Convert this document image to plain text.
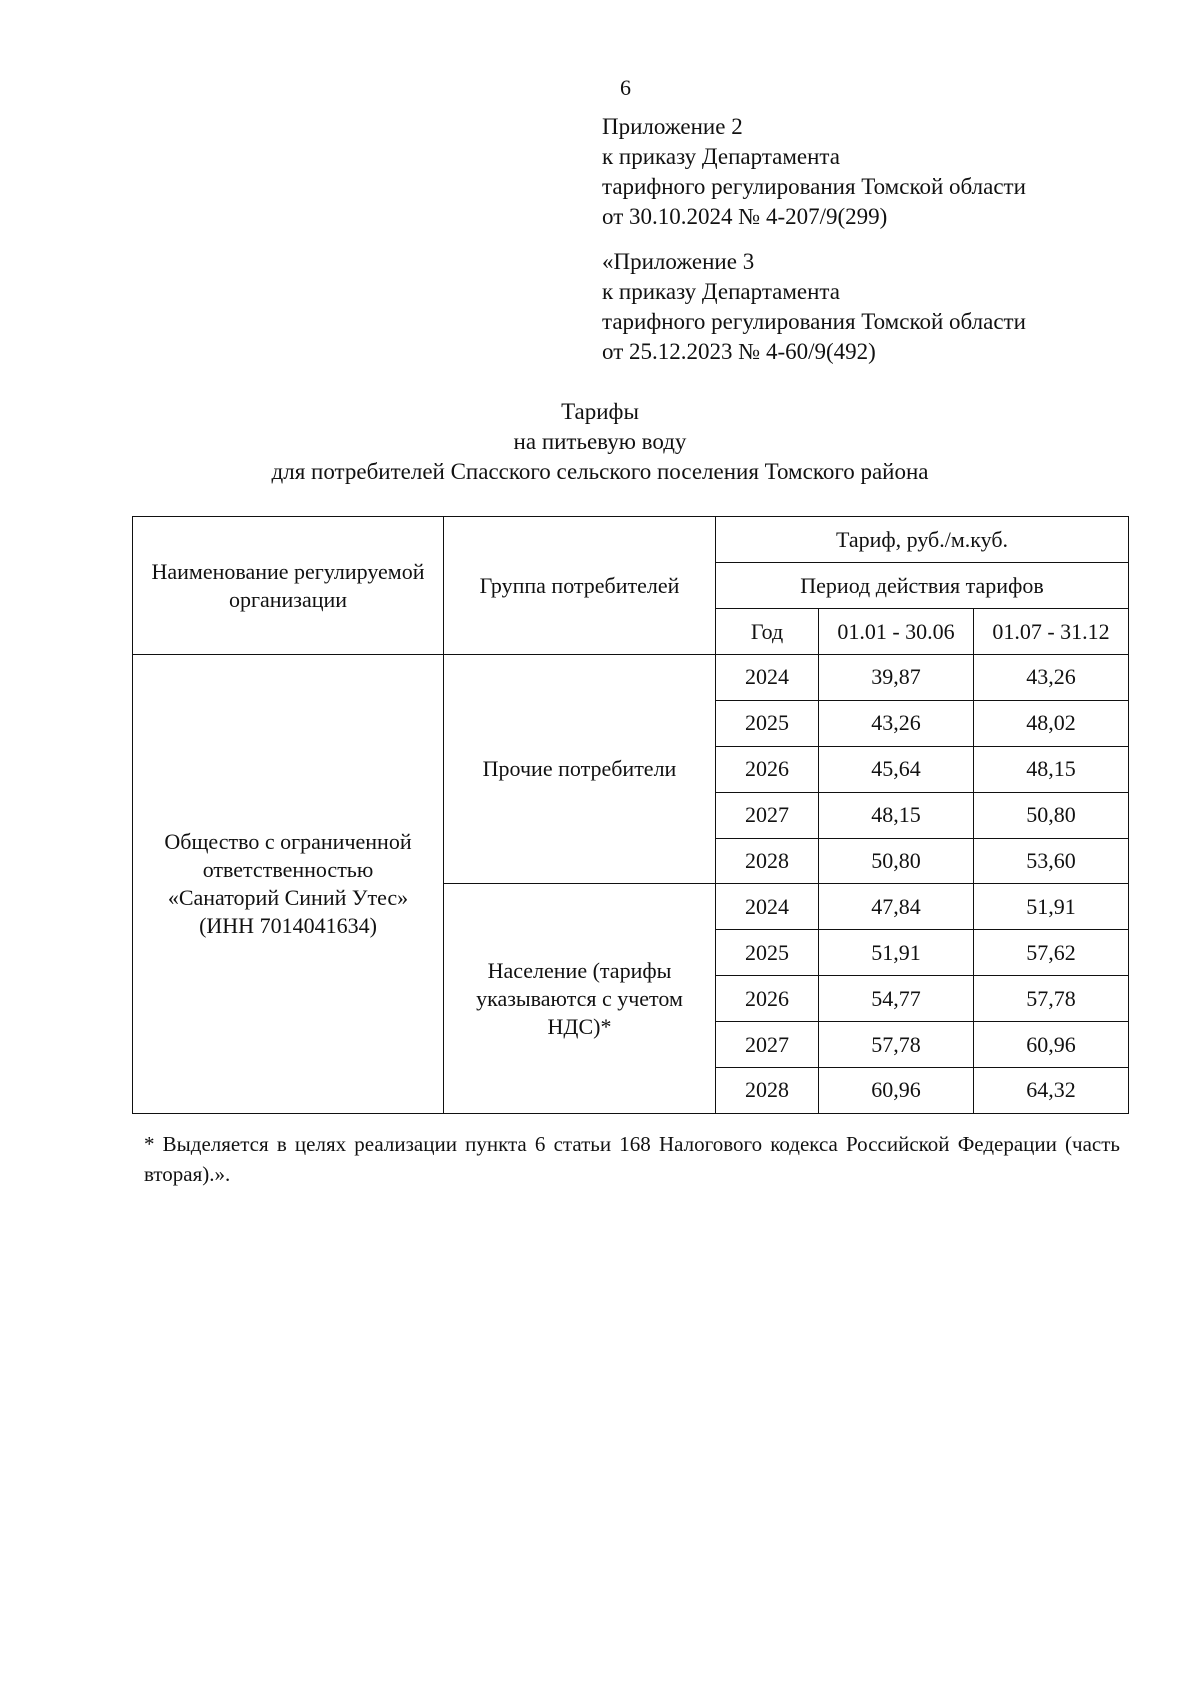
6
Приложение 2
к приказу Департамента
тарифного регулирования Томской области
от 30.10.2024 № 4-207/9(299)
«Приложение 3
к приказу Департамента
тарифного регулирования Томской области
от 25.12.2023 № 4-60/9(492)
Тарифы
на питьевую воду
для потребителей Спасского сельского поселения Томского района
Наименование регулируемой организации	Группа потребителей	Тариф, руб./м.куб.		
		Период действия тарифов		
		Год	01.01 - 30.06	01.07 - 31.12

Общество с ограниченной
ответственностью
«Санаторий Синий Утес»
(ИНН 7014041634)	Прочие потребители	2024	39,87	43,26
		2025	43,26	48,02
		2026	45,64	48,15
		2027	48,15	50,80
		2028	50,80	53,60
	Население (тарифы указываются с учетом НДС)*	2024	47,84	51,91
		2025	51,91	57,62
		2026	54,77	57,78
		2027	57,78	60,96
		2028	60,96	64,32
* Выделяется в целях реализации пункта 6 статьи 168 Налогового кодекса Российской Федерации (часть вторая).».
